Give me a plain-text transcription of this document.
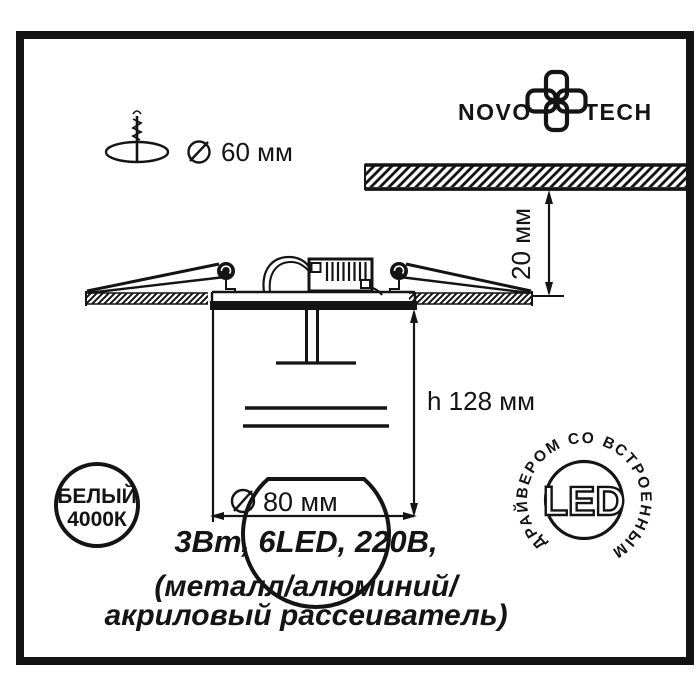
60 мм
NOVO TECH
20 мм
h 128 мм
80 мм	LED
ДРАЙВЕРОМ СО ВСТРОЕННЫМ
БЕЛЫЙ
4000К
3Вт, 6LED, 220В,
(металл/алюминий/
акриловый рассеиватель)
